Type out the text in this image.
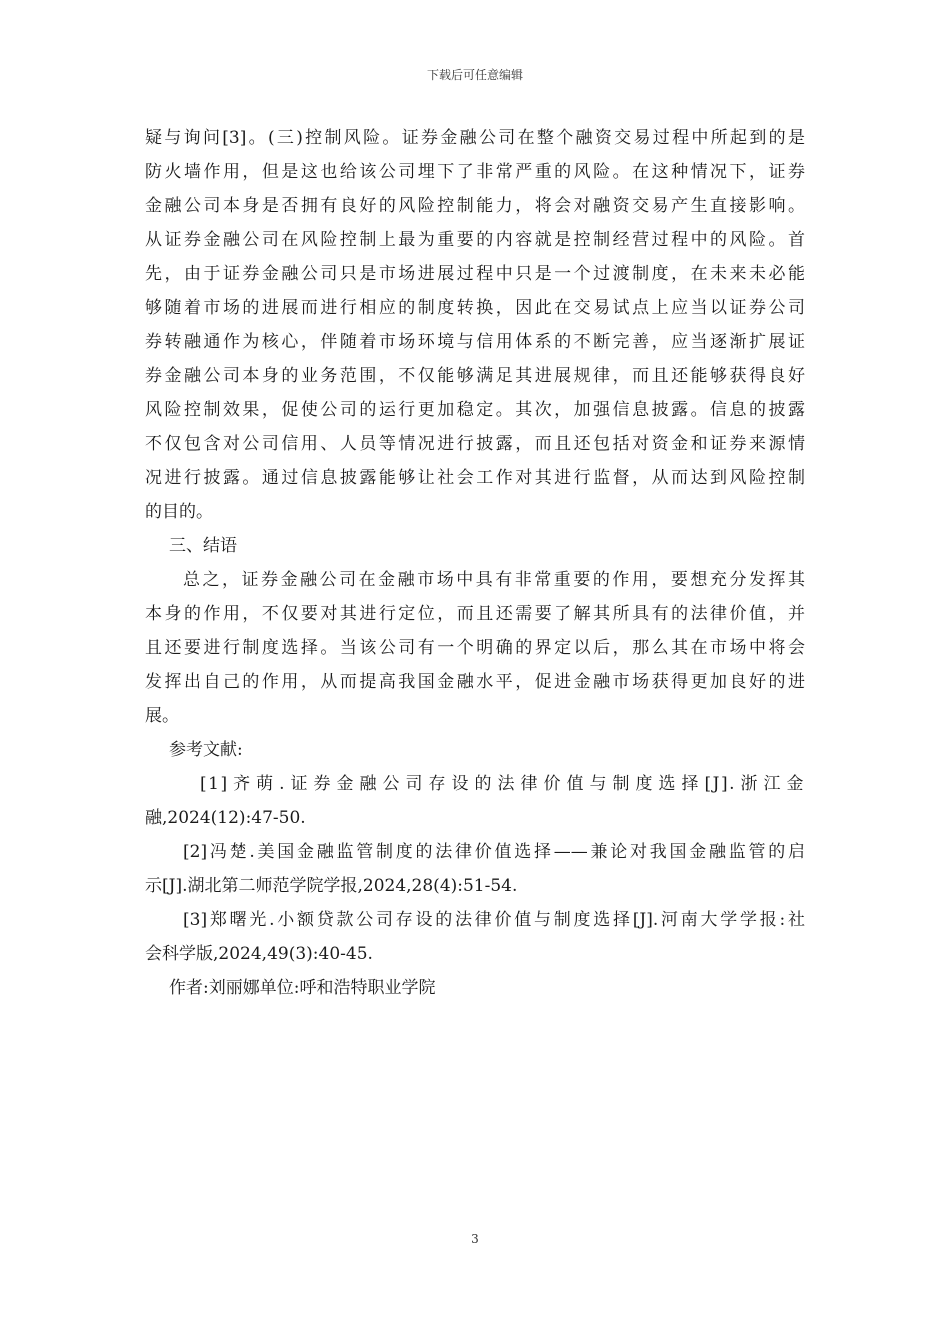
下载后可任意编辑
疑与询问[3]。(三)控制风险。证券金融公司在整个融资交易过程中所起到的是
防火墙作用，但是这也给该公司埋下了非常严重的风险。在这种情况下，证券
金融公司本身是否拥有良好的风险控制能力，将会对融资交易产生直接影响。
从证券金融公司在风险控制上最为重要的内容就是控制经营过程中的风险。首
先，由于证券金融公司只是市场进展过程中只是一个过渡制度，在未来未必能
够随着市场的进展而进行相应的制度转换，因此在交易试点上应当以证券公司
券转融通作为核心，伴随着市场环境与信用体系的不断完善，应当逐渐扩展证
券金融公司本身的业务范围，不仅能够满足其进展规律，而且还能够获得良好
风险控制效果，促使公司的运行更加稳定。其次，加强信息披露。信息的披露
不仅包含对公司信用、人员等情况进行披露，而且还包括对资金和证券来源情
况进行披露。通过信息披露能够让社会工作对其进行监督，从而达到风险控制
的目的。
三、结语
总之，证券金融公司在金融市场中具有非常重要的作用，要想充分发挥其
本身的作用，不仅要对其进行定位，而且还需要了解其所具有的法律价值，并
且还要进行制度选择。当该公司有一个明确的界定以后，那么其在市场中将会
发挥出自己的作用，从而提高我国金融水平，促进金融市场获得更加良好的进
展。
参考文献:
[1]齐萌.证券金融公司存设的法律价值与制度选择[J].浙江金
融,2024(12):47-50.
[2]冯楚.美国金融监管制度的法律价值选择——兼论对我国金融监管的启
示[J].湖北第二师范学院学报,2024,28(4):51-54.
[3]郑曙光.小额贷款公司存设的法律价值与制度选择[J].河南大学学报:社
会科学版,2024,49(3):40-45.
作者:刘丽娜单位:呼和浩特职业学院
3
